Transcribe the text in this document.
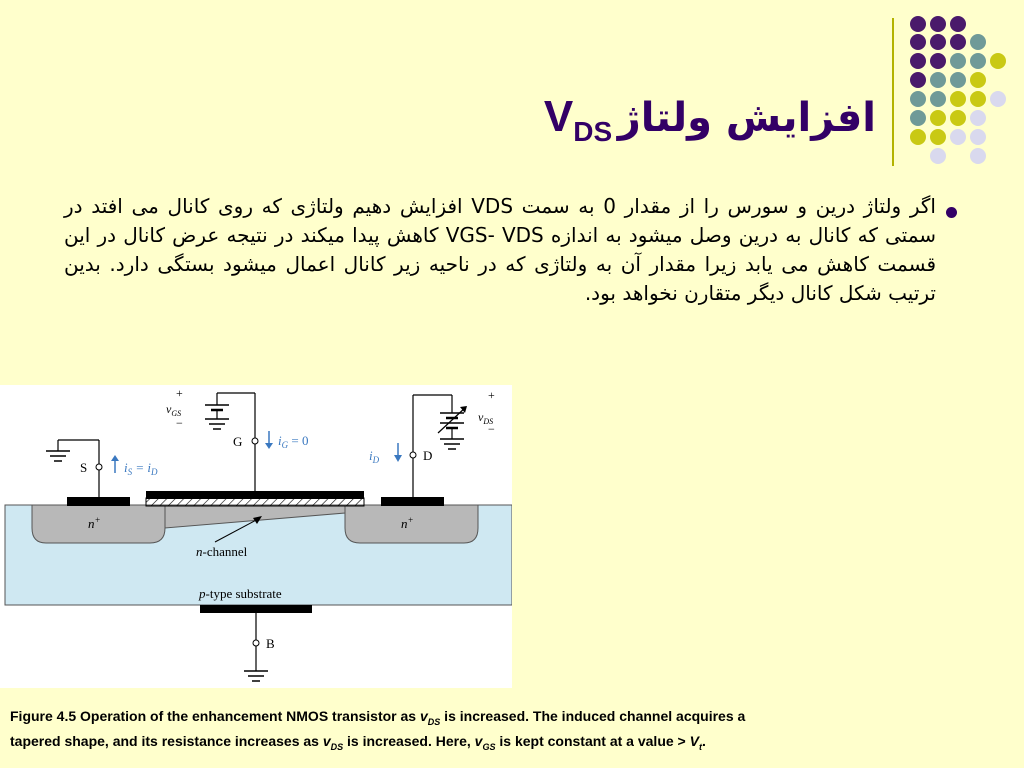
VDS افزایش ولتاژ
اگر ولتاژ درین و سورس را از مقدار 0 به سمت VDS افزایش دهیم ولتاژی که روی کانال می افتد در سمتی که کانال به درین وصل میشود به اندازه VGS- VDS کاهش پیدا میکند در نتیجه عرض کانال در این قسمت کاهش می یابد زیرا مقدار آن به ولتاژی که در ناحیه زیر کانال اعمال میشود بستگی دارد. بدین ترتیب شکل کانال دیگر متقارن نخواهد بود.
S	$i_S = i_D$
+
$v_{GS}$
−
G	$i_G = 0$
+
$v_{DS}$
−
D
$i_D$
n+	n+
n-channel
p-type substrate
B
Figure 4.5 Operation of the enhancement NMOS transistor as $v_{DS}$ is increased. The induced channel acquires a tapered shape, and its resistance increases as $v_{DS}$ is increased. Here, $v_{GS}$ is kept constant at a value > $V_t$.
